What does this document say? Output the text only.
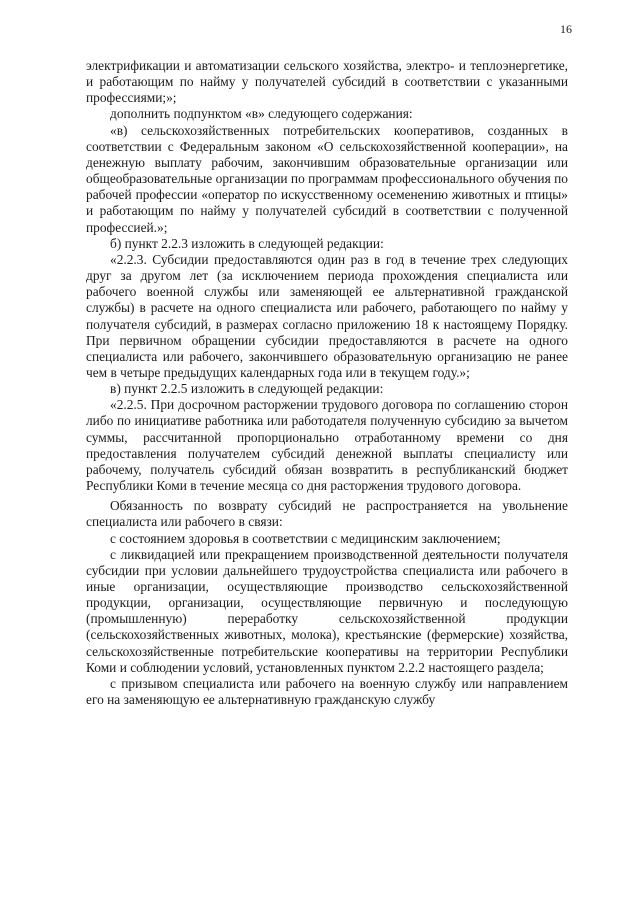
16

электрификации и автоматизации сельского хозяйства, электро- и теплоэнергетике, и работающим по найму у получателей субсидий в соответствии с указанными профессиями;»;

дополнить подпунктом «в» следующего содержания:

«в) сельскохозяйственных потребительских кооперативов, созданных в соответствии с Федеральным законом «О сельскохозяйственной кооперации», на денежную выплату рабочим, закончившим образовательные организации или общеобразовательные организации по программам профессионального обучения по рабочей профессии «оператор по искусственному осеменению животных и птицы» и работающим по найму у получателей субсидий в соответствии с полученной профессией.»;

б) пункт 2.2.3 изложить в следующей редакции:

«2.2.3. Субсидии предоставляются один раз в год в течение трех следующих друг за другом лет (за исключением периода прохождения специалиста или рабочего военной службы или заменяющей ее альтернативной гражданской службы) в расчете на одного специалиста или рабочего, работающего по найму у получателя субсидий, в размерах согласно приложению 18 к настоящему Порядку. При первичном обращении субсидии предоставляются в расчете на одного специалиста или рабочего, закончившего образовательную организацию не ранее чем в четыре предыдущих календарных года или в текущем году.»;

в) пункт 2.2.5 изложить в следующей редакции:

«2.2.5. При досрочном расторжении трудового договора по соглашению сторон либо по инициативе работника или работодателя полученную субсидию за вычетом суммы, рассчитанной пропорционально отработанному времени со дня предоставления получателем субсидий денежной выплаты специалисту или рабочему, получатель субсидий обязан возвратить в республиканский бюджет Республики Коми в течение месяца со дня расторжения трудового договора.

Обязанность по возврату субсидий не распространяется на увольнение специалиста или рабочего в связи:

с состоянием здоровья в соответствии с медицинским заключением;

с ликвидацией или прекращением производственной деятельности получателя субсидии при условии дальнейшего трудоустройства специалиста или рабочего в иные организации, осуществляющие производство сельскохозяйственной продукции, организации, осуществляющие первичную и последующую (промышленную) переработку сельскохозяйственной продукции (сельскохозяйственных животных, молока), крестьянские (фермерские) хозяйства, сельскохозяйственные потребительские кооперативы на территории Республики Коми и соблюдении условий, установленных пунктом 2.2.2 настоящего раздела;

с призывом специалиста или рабочего на военную службу или направлением его на заменяющую ее альтернативную гражданскую службу
